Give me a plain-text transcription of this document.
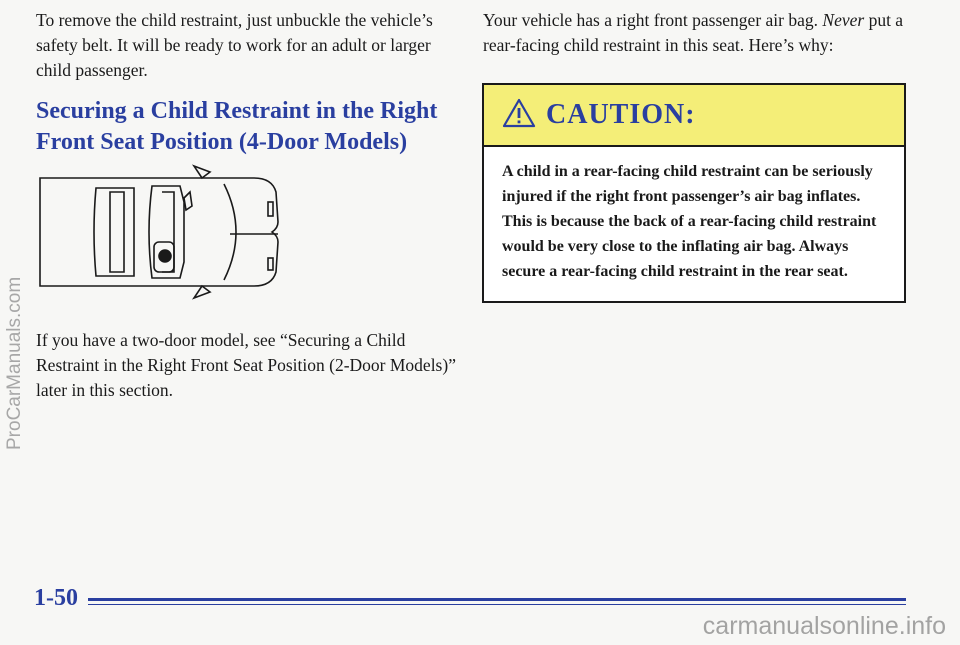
To remove the child restraint, just unbuckle the vehicle’s safety belt. It will be ready to work for an adult or larger child passenger.

Securing a Child Restraint in the Right Front Seat Position (4-Door Models)

If you have a two-door model, see “Securing a Child Restraint in the Right Front Seat Position (2-Door Models)” later in this section.

Your vehicle has a right front passenger air bag. Never put a rear-facing child restraint in this seat. Here’s why:

CAUTION:

A child in a rear-facing child restraint can be seriously injured if the right front passenger’s air bag inflates. This is because the back of a rear-facing child restraint would be very close to the inflating air bag. Always secure a rear-facing child restraint in the rear seat.

1-50
ProCarManuals.com
carmanualsonline.info
